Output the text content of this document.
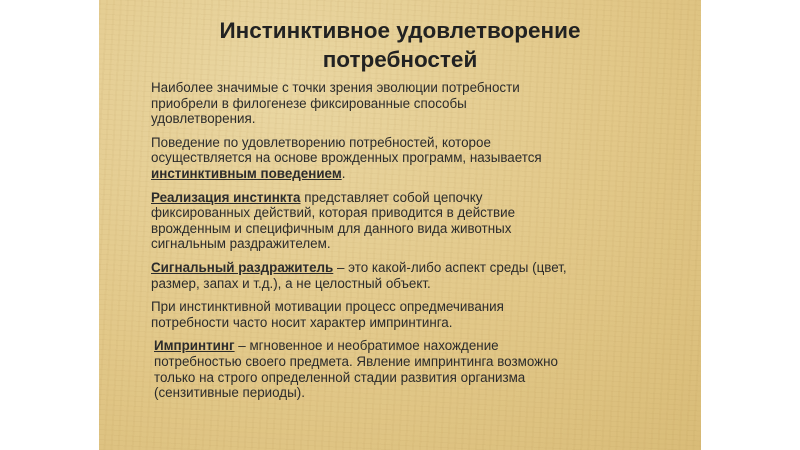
Инстинктивное удовлетворение
потребностей

Наиболее значимые с точки зрения эволюции потребности
приобрели в филогенезе фиксированные способы
удовлетворения.

Поведение по удовлетворению потребностей, которое
осуществляется на основе врожденных программ, называется
инстинктивным поведением.

Реализация инстинкта представляет собой цепочку
фиксированных действий, которая приводится в действие
врожденным и специфичным для данного вида животных
сигнальным раздражителем.

Сигнальный раздражитель – это какой-либо аспект среды (цвет,
размер, запах и т.д.), а не целостный объект.

При инстинктивной мотивации процесс опредмечивания
потребности часто носит характер импринтинга.

Импринтинг – мгновенное и необратимое нахождение
потребностью своего предмета. Явление импринтинга возможно
только на строго определенной стадии развития организма
(сензитивные периоды).
